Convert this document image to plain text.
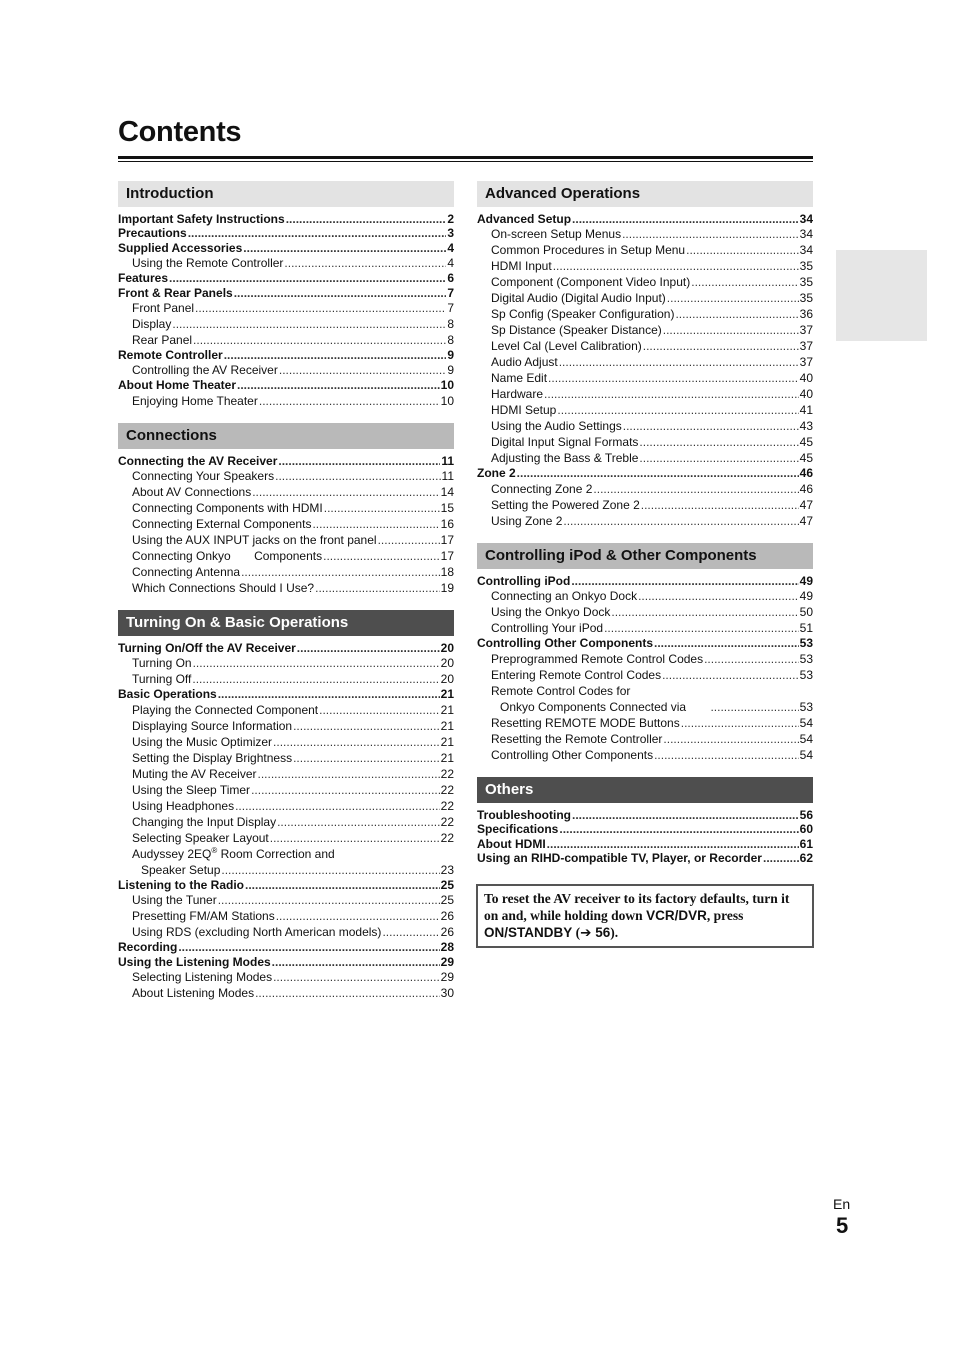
Contents
Introduction
Important Safety Instructions .....	2
Precautions .....	3
Supplied Accessories .....	4
Using the Remote Controller .....	4
Features .....	6
Front & Rear Panels .....	7
Front Panel .....	7
Display .....	8
Rear Panel .....	8
Remote Controller .....	9
Controlling the AV Receiver .....	9
About Home Theater .....	10
Enjoying Home Theater .....	10
Connections
Connecting the AV Receiver .....	11
Connecting Your Speakers .....	11
About AV Connections .....	14
Connecting Components with HDMI .....	15
Connecting External Components .....	16
Using the AUX INPUT jacks on the front panel .....	17
Connecting Onkyo       Components .....	17
Connecting Antenna .....	18
Which Connections Should I Use? .....	19
Turning On & Basic Operations
Turning On/Off the AV Receiver .....	20
Turning On .....	20
Turning Off .....	20
Basic Operations .....	21
Playing the Connected Component .....	21
Displaying Source Information .....	21
Using the Music Optimizer .....	21
Setting the Display Brightness .....	21
Muting the AV Receiver .....	22
Using the Sleep Timer .....	22
Using Headphones .....	22
Changing the Input Display .....	22
Selecting Speaker Layout .....	22
Audyssey 2EQ® Room Correction and
Speaker Setup .....	23
Listening to the Radio .....	25
Using the Tuner .....	25
Presetting FM/AM Stations .....	26
Using RDS (excluding North American models) .....	26
Recording .....	28
Using the Listening Modes .....	29
Selecting Listening Modes .....	29
About Listening Modes .....	30
Advanced Operations
Advanced Setup .....	34
On-screen Setup Menus .....	34
Common Procedures in Setup Menu .....	34
HDMI Input .....	35
Component (Component Video Input) .....	35
Digital Audio (Digital Audio Input) .....	35
Sp Config (Speaker Configuration) .....	36
Sp Distance (Speaker Distance) .....	37
Level Cal (Level Calibration) .....	37
Audio Adjust .....	37
Name Edit .....	40
Hardware .....	40
HDMI Setup .....	41
Using the Audio Settings .....	43
Digital Input Signal Formats .....	45
Adjusting the Bass & Treble .....	45
Zone 2 .....	46
Connecting Zone 2 .....	46
Setting the Powered Zone 2 .....	47
Using Zone 2 .....	47
Controlling iPod & Other Components
Controlling iPod .....	49
Connecting an Onkyo Dock .....	49
Using the Onkyo Dock .....	50
Controlling Your iPod .....	51
Controlling Other Components .....	53
Preprogrammed Remote Control Codes .....	53
Entering Remote Control Codes .....	53
Remote Control Codes for
Onkyo Components Connected via .....	53
Resetting REMOTE MODE Buttons .....	54
Resetting the Remote Controller .....	54
Controlling Other Components .....	54
Others
Troubleshooting .....	56
Specifications .....	60
About HDMI .....	61
Using an RIHD-compatible TV, Player, or Recorder .....	62
To reset the AV receiver to its factory defaults, turn it on and, while holding down VCR/DVR, press ON/STANDBY (➔ 56).
En
5
